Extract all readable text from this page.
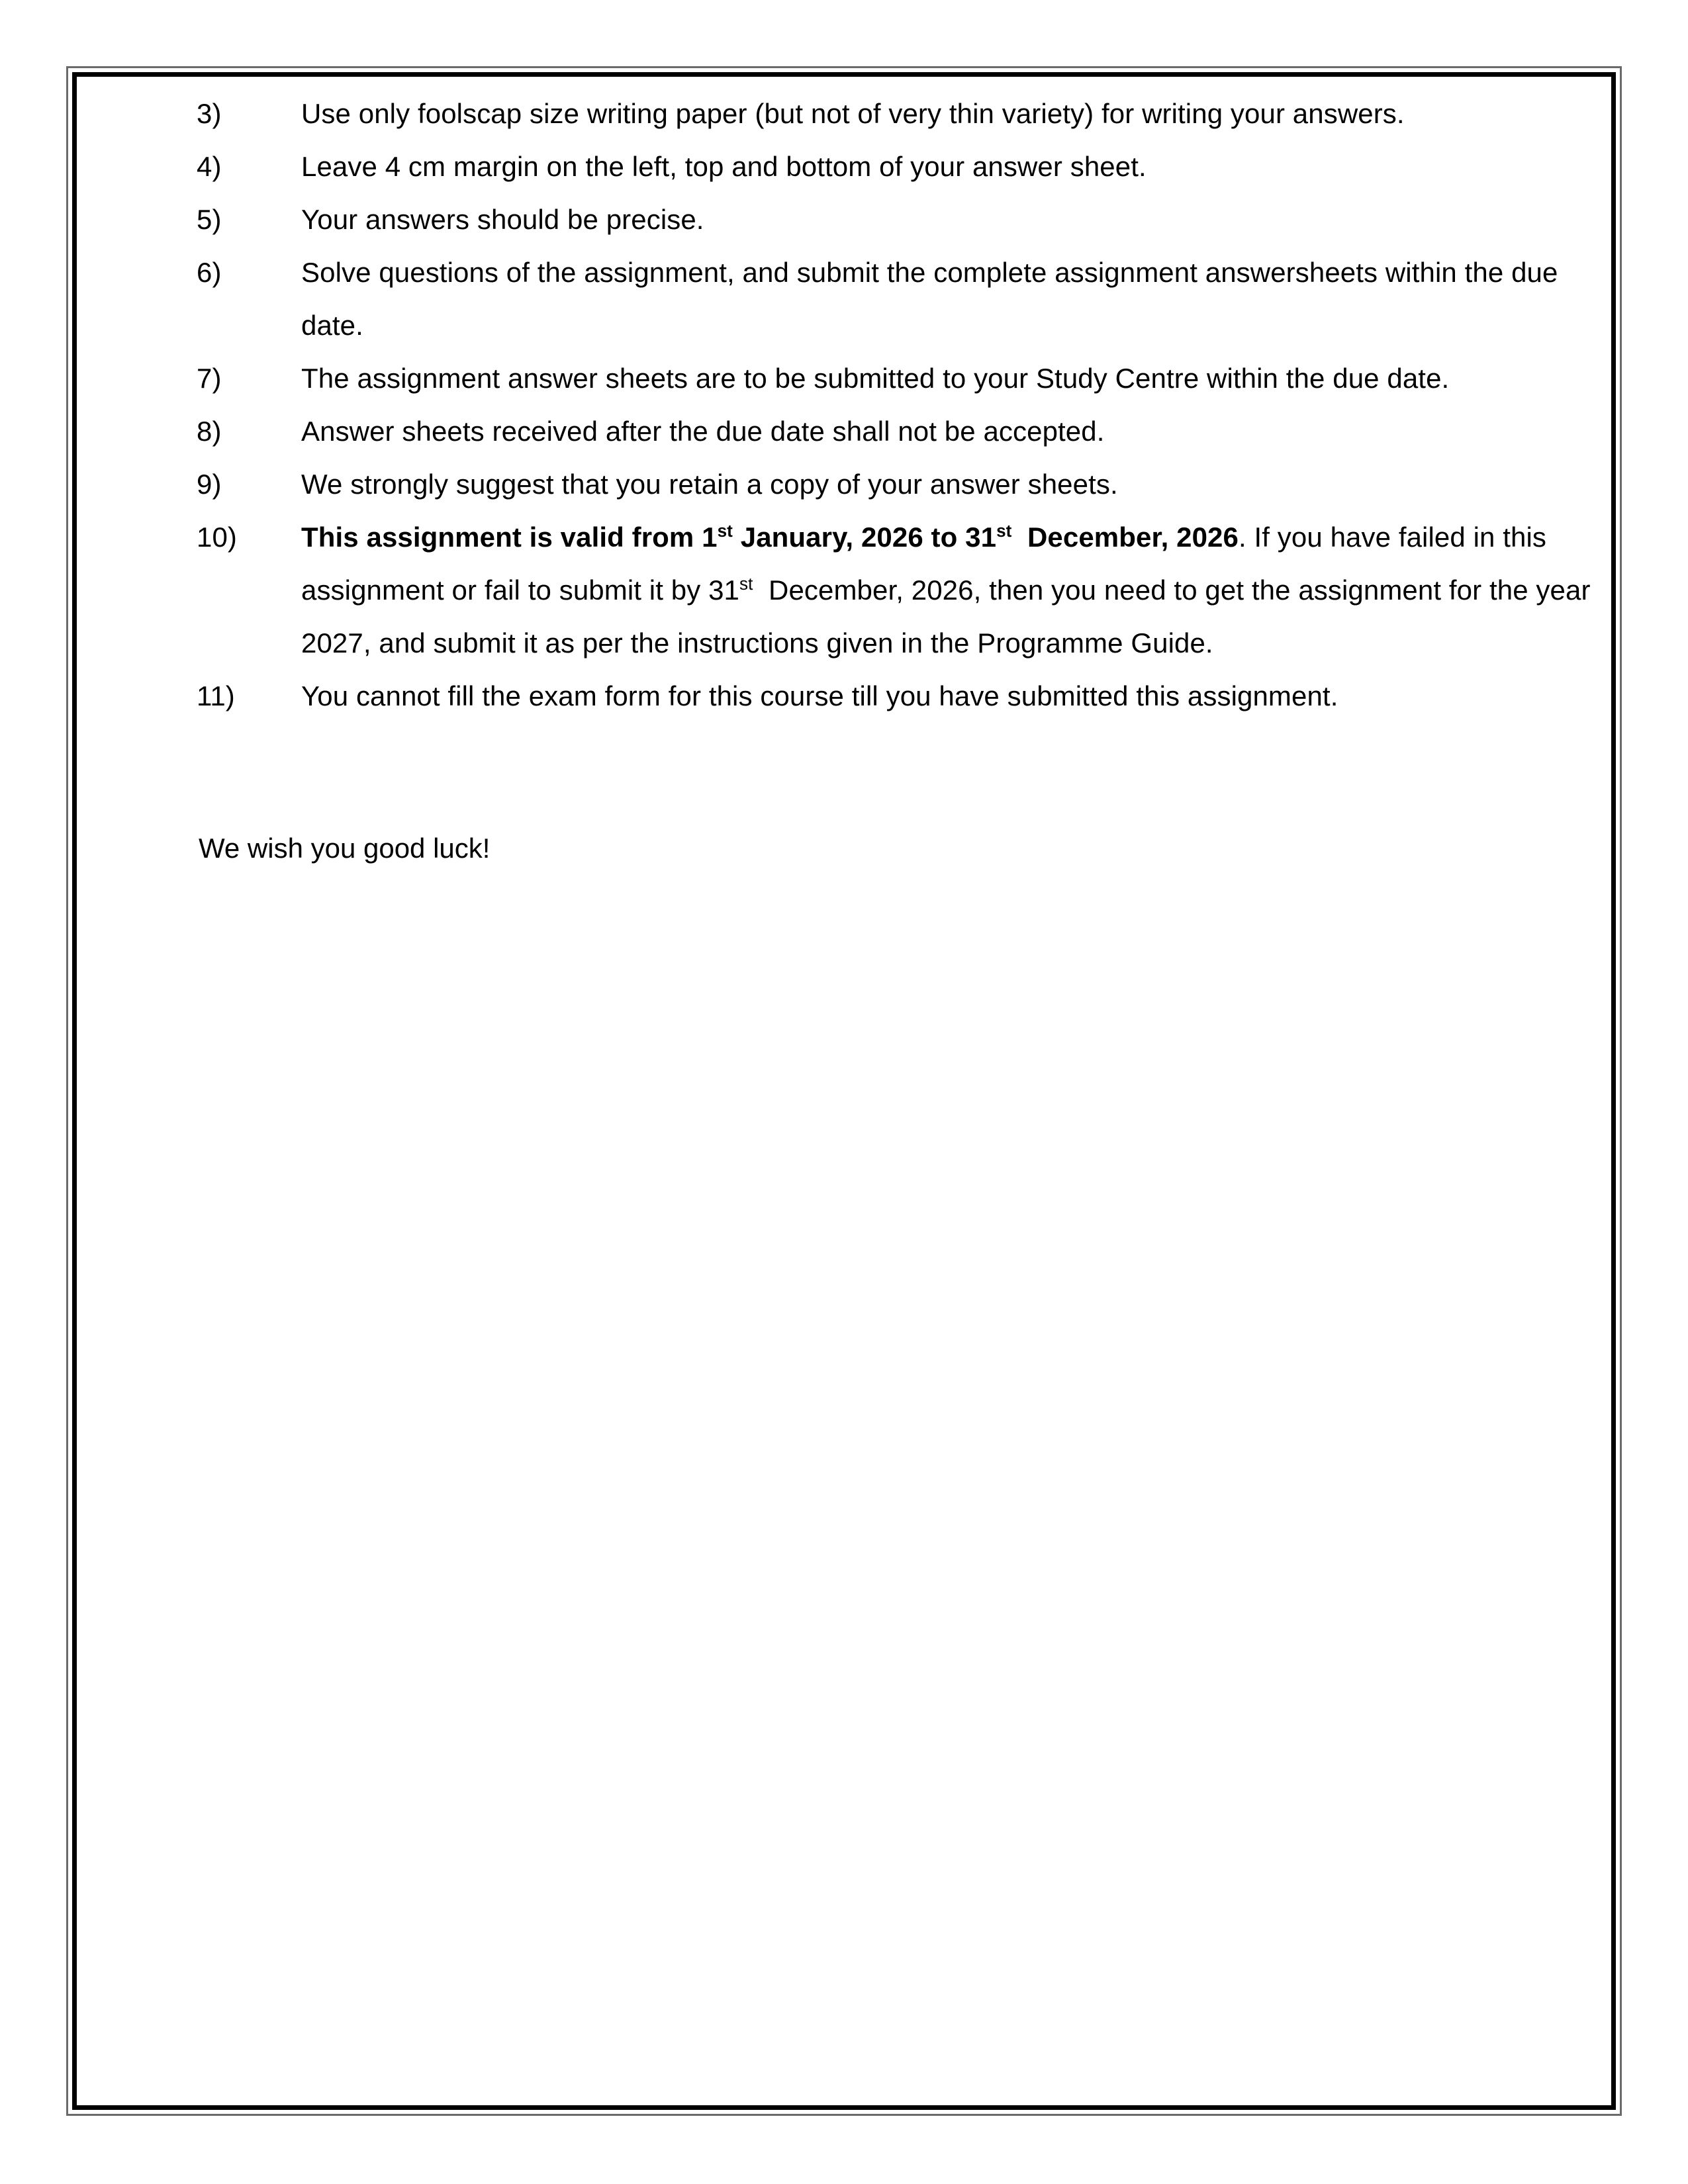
3)	Use only foolscap size writing paper (but not of very thin variety) for writing your answers.
4)	Leave 4 cm margin on the left, top and bottom of your answer sheet.
5)	Your answers should be precise.
6)	Solve questions of the assignment, and submit the complete assignment answersheets within the due date.
7)	The assignment answer sheets are to be submitted to your Study Centre within the due date.
8)	Answer sheets received after the due date shall not be accepted.
9)	We strongly suggest that you retain a copy of your answer sheets.
10)	This assignment is valid from 1st January, 2026 to 31st  December, 2026. If you have failed in this assignment or fail to submit it by 31st  December, 2026, then you need to get the assignment for the year 2027, and submit it as per the instructions given in the Programme Guide.
11)	You cannot fill the exam form for this course till you have submitted this assignment.
We wish you good luck!
